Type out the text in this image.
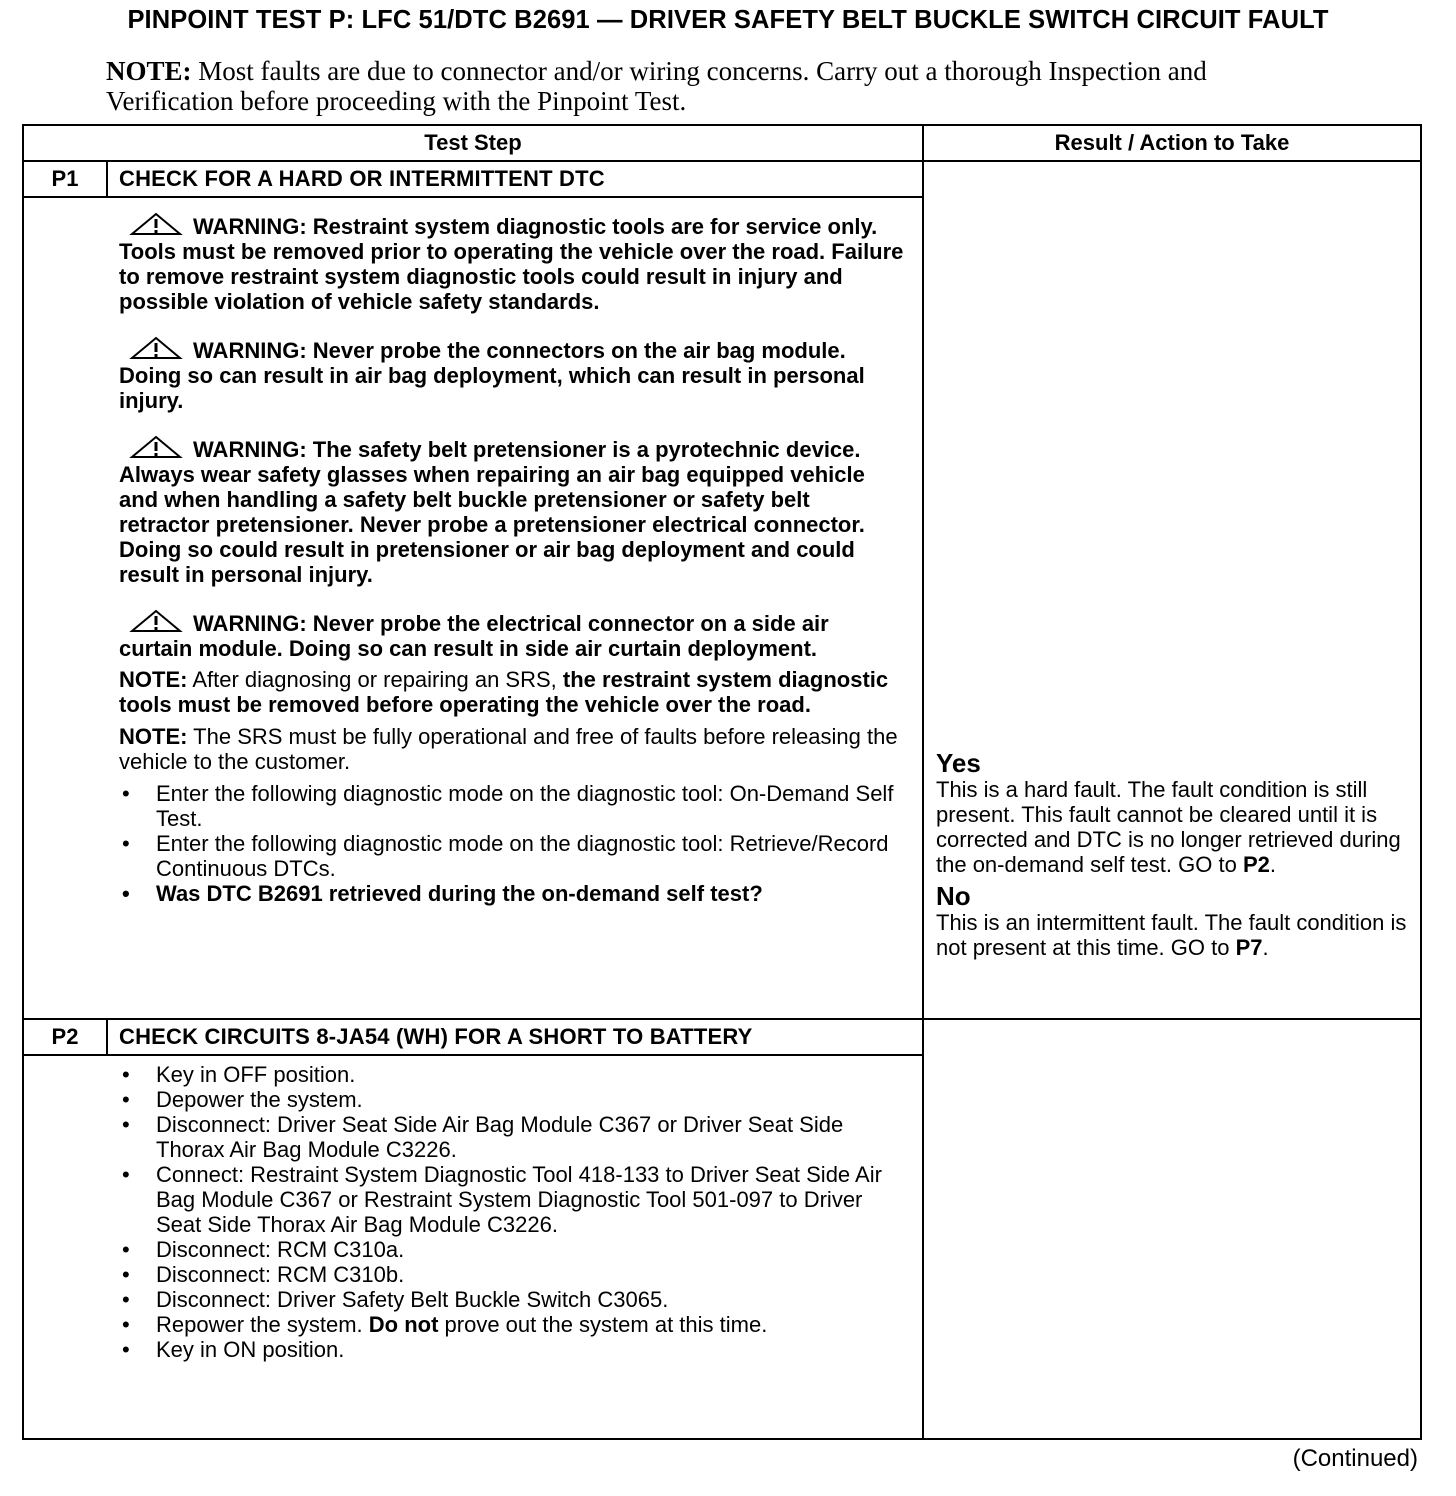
PINPOINT TEST P: LFC 51/DTC B2691 — DRIVER SAFETY BELT BUCKLE SWITCH CIRCUIT FAULT
NOTE: Most faults are due to connector and/or wiring concerns. Carry out a thorough Inspection and Verification before proceeding with the Pinpoint Test.
Test Step	Result / Action to Take
P1	CHECK FOR A HARD OR INTERMITTENT DTC
WARNING: Restraint system diagnostic tools are for service only. Tools must be removed prior to operating the vehicle over the road. Failure to remove restraint system diagnostic tools could result in injury and possible violation of vehicle safety standards.
WARNING: Never probe the connectors on the air bag module. Doing so can result in air bag deployment, which can result in personal injury.
WARNING: The safety belt pretensioner is a pyrotechnic device. Always wear safety glasses when repairing an air bag equipped vehicle and when handling a safety belt buckle pretensioner or safety belt retractor pretensioner. Never probe a pretensioner electrical connector. Doing so could result in pretensioner or air bag deployment and could result in personal injury.
WARNING: Never probe the electrical connector on a side air curtain module. Doing so can result in side air curtain deployment.
NOTE: After diagnosing or repairing an SRS, the restraint system diagnostic tools must be removed before operating the vehicle over the road.
NOTE: The SRS must be fully operational and free of faults before releasing the vehicle to the customer.
• Enter the following diagnostic mode on the diagnostic tool: On-Demand Self Test.
• Enter the following diagnostic mode on the diagnostic tool: Retrieve/Record Continuous DTCs.
• Was DTC B2691 retrieved during the on-demand self test?
Yes
This is a hard fault. The fault condition is still present. This fault cannot be cleared until it is corrected and DTC is no longer retrieved during the on-demand self test. GO to P2.
No
This is an intermittent fault. The fault condition is not present at this time. GO to P7.
P2	CHECK CIRCUITS 8-JA54 (WH) FOR A SHORT TO BATTERY
• Key in OFF position.
• Depower the system.
• Disconnect: Driver Seat Side Air Bag Module C367 or Driver Seat Side Thorax Air Bag Module C3226.
• Connect: Restraint System Diagnostic Tool 418-133 to Driver Seat Side Air Bag Module C367 or Restraint System Diagnostic Tool 501-097 to Driver Seat Side Thorax Air Bag Module C3226.
• Disconnect: RCM C310a.
• Disconnect: RCM C310b.
• Disconnect: Driver Safety Belt Buckle Switch C3065.
• Repower the system. Do not prove out the system at this time.
• Key in ON position.
(Continued)
